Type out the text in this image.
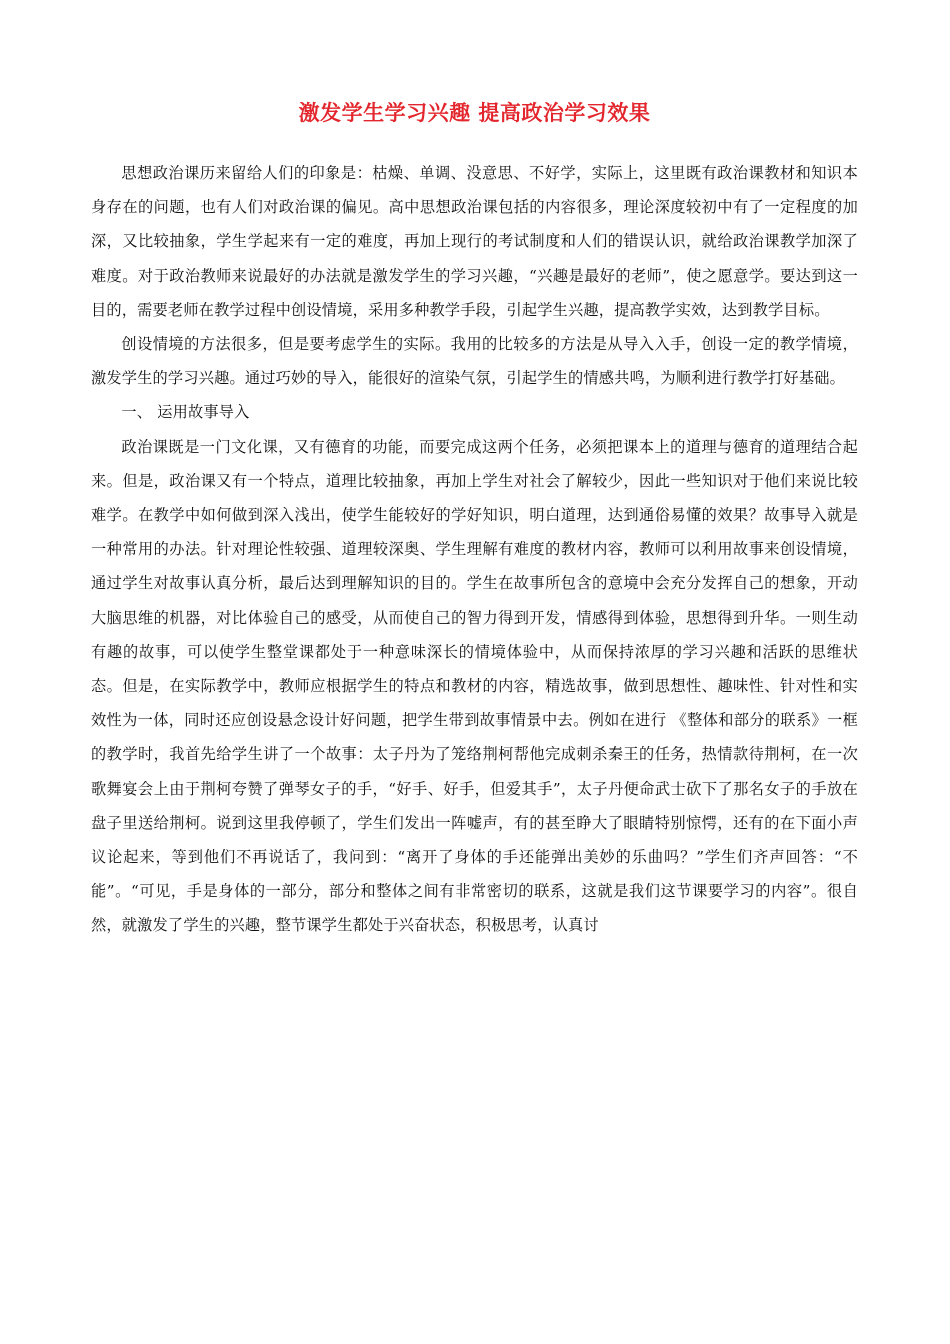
激发学生学习兴趣 提高政治学习效果

思想政治课历来留给人们的印象是：枯燥、单调、没意思、不好学，实际上，这里既有政治课教材和知识本身存在的问题，也有人们对政治课的偏见。高中思想政治课包括的内容很多，理论深度较初中有了一定程度的加深，又比较抽象，学生学起来有一定的难度，再加上现行的考试制度和人们的错误认识，就给政治课教学加深了难度。对于政治教师来说最好的办法就是激发学生的学习兴趣，“兴趣是最好的老师”，使之愿意学。要达到这一目的，需要老师在教学过程中创设情境，采用多种教学手段，引起学生兴趣，提高教学实效，达到教学目标。

创设情境的方法很多，但是要考虑学生的实际。我用的比较多的方法是从导入入手，创设一定的教学情境，激发学生的学习兴趣。通过巧妙的导入，能很好的渲染气氛，引起学生的情感共鸣，为顺利进行教学打好基础。

一、 运用故事导入

政治课既是一门文化课，又有德育的功能，而要完成这两个任务，必须把课本上的道理与德育的道理结合起来。但是，政治课又有一个特点，道理比较抽象，再加上学生对社会了解较少，因此一些知识对于他们来说比较难学。在教学中如何做到深入浅出，使学生能较好的学好知识，明白道理，达到通俗易懂的效果？故事导入就是一种常用的办法。针对理论性较强、道理较深奥、学生理解有难度的教材内容，教师可以利用故事来创设情境，通过学生对故事认真分析，最后达到理解知识的目的。学生在故事所包含的意境中会充分发挥自己的想象，开动大脑思维的机器，对比体验自己的感受，从而使自己的智力得到开发，情感得到体验，思想得到升华。一则生动有趣的故事，可以使学生整堂课都处于一种意味深长的情境体验中，从而保持浓厚的学习兴趣和活跃的思维状态。但是，在实际教学中，教师应根据学生的特点和教材的内容，精选故事，做到思想性、趣味性、针对性和实效性为一体，同时还应创设悬念设计好问题，把学生带到故事情景中去。例如在进行 《整体和部分的联系》一框的教学时，我首先给学生讲了一个故事：太子丹为了笼络荆柯帮他完成刺杀秦王的任务，热情款待荆柯，在一次歌舞宴会上由于荆柯夸赞了弹琴女子的手，“好手、好手，但爱其手”，太子丹便命武士砍下了那名女子的手放在盘子里送给荆柯。说到这里我停顿了，学生们发出一阵嘘声，有的甚至睁大了眼睛特别惊愕，还有的在下面小声议论起来，等到他们不再说话了，我问到：“离开了身体的手还能弹出美妙的乐曲吗？”学生们齐声回答：“不能”。“可见，手是身体的一部分，部分和整体之间有非常密切的联系，这就是我们这节课要学习的内容”。很自然，就激发了学生的兴趣，整节课学生都处于兴奋状态，积极思考，认真讨
